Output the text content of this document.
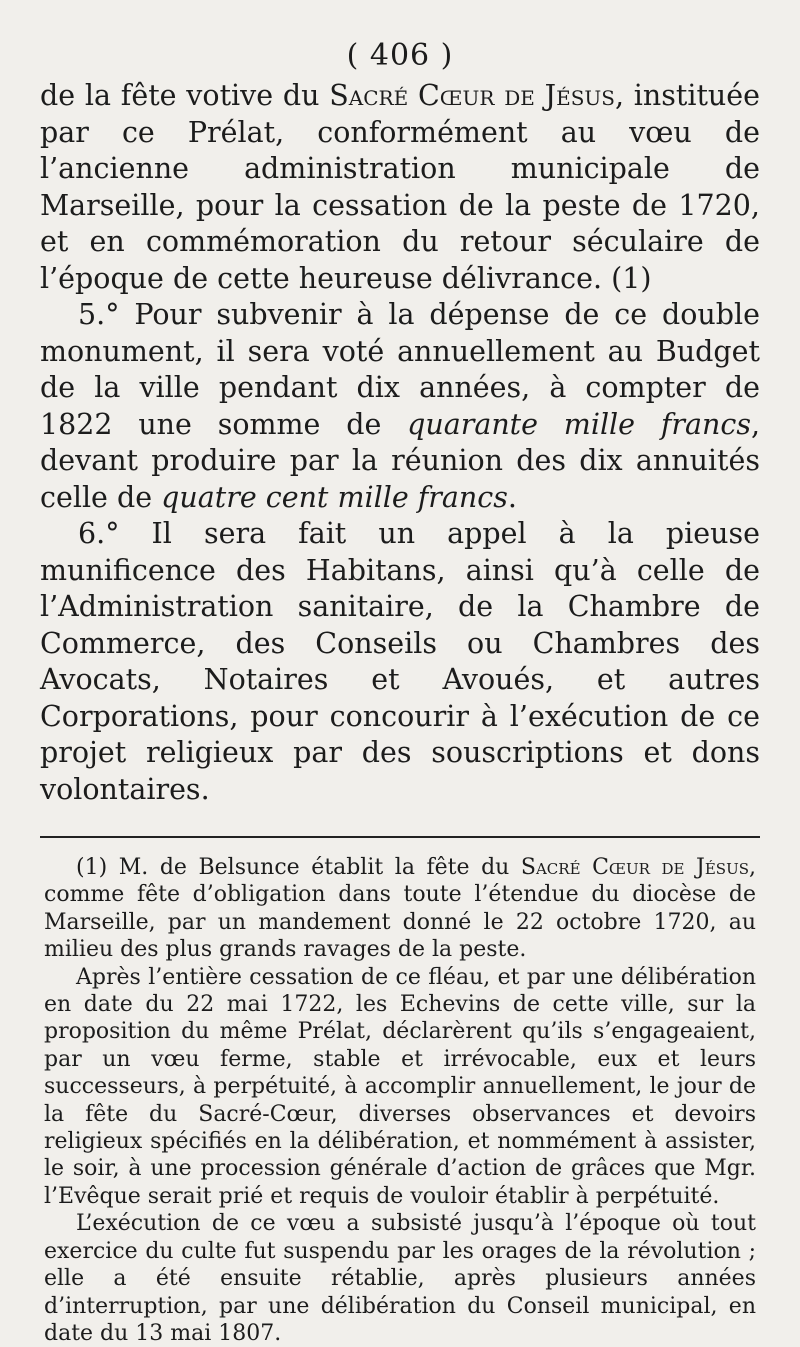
( 406 )

de la fête votive du Sacré Cœur de Jésus, instituée par ce Prélat, conformément au vœu de l’ancienne administration municipale de Marseille, pour la cessation de la peste de 1720, et en commémoration du retour séculaire de l’époque de cette heureuse délivrance. (1)

5.° Pour subvenir à la dépense de ce double monument, il sera voté annuellement au Budget de la ville pendant dix années, à compter de 1822 une somme de quarante mille francs, devant produire par la réunion des dix annuités celle de quatre cent mille francs.

6.° Il sera fait un appel à la pieuse munificence des Habitans, ainsi qu’à celle de l’Administration sanitaire, de la Chambre de Commerce, des Conseils ou Chambres des Avocats, Notaires et Avoués, et autres Corporations, pour concourir à l’exécution de ce projet religieux par des souscriptions et dons volontaires.

(1) M. de Belsunce établit la fête du Sacré Cœur de Jésus, comme fête d’obligation dans toute l’étendue du diocèse de Marseille, par un mandement donné le 22 octobre 1720, au milieu des plus grands ravages de la peste.

Après l’entière cessation de ce fléau, et par une délibération en date du 22 mai 1722, les Echevins de cette ville, sur la proposition du même Prélat, déclarèrent qu’ils s’engageaient, par un vœu ferme, stable et irrévocable, eux et leurs successeurs, à perpétuité, à accomplir annuellement, le jour de la fête du Sacré-Cœur, diverses observances et devoirs religieux spécifiés en la délibération, et nommément à assister, le soir, à une procession générale d’action de grâces que Mgr. l’Evêque serait prié et requis de vouloir établir à perpétuité.

L’exécution de ce vœu a subsisté jusqu’à l’époque où tout exercice du culte fut suspendu par les orages de la révolution ; elle a été ensuite rétablie, après plusieurs années d’interruption, par une délibération du Conseil municipal, en date du 13 mai 1807.
